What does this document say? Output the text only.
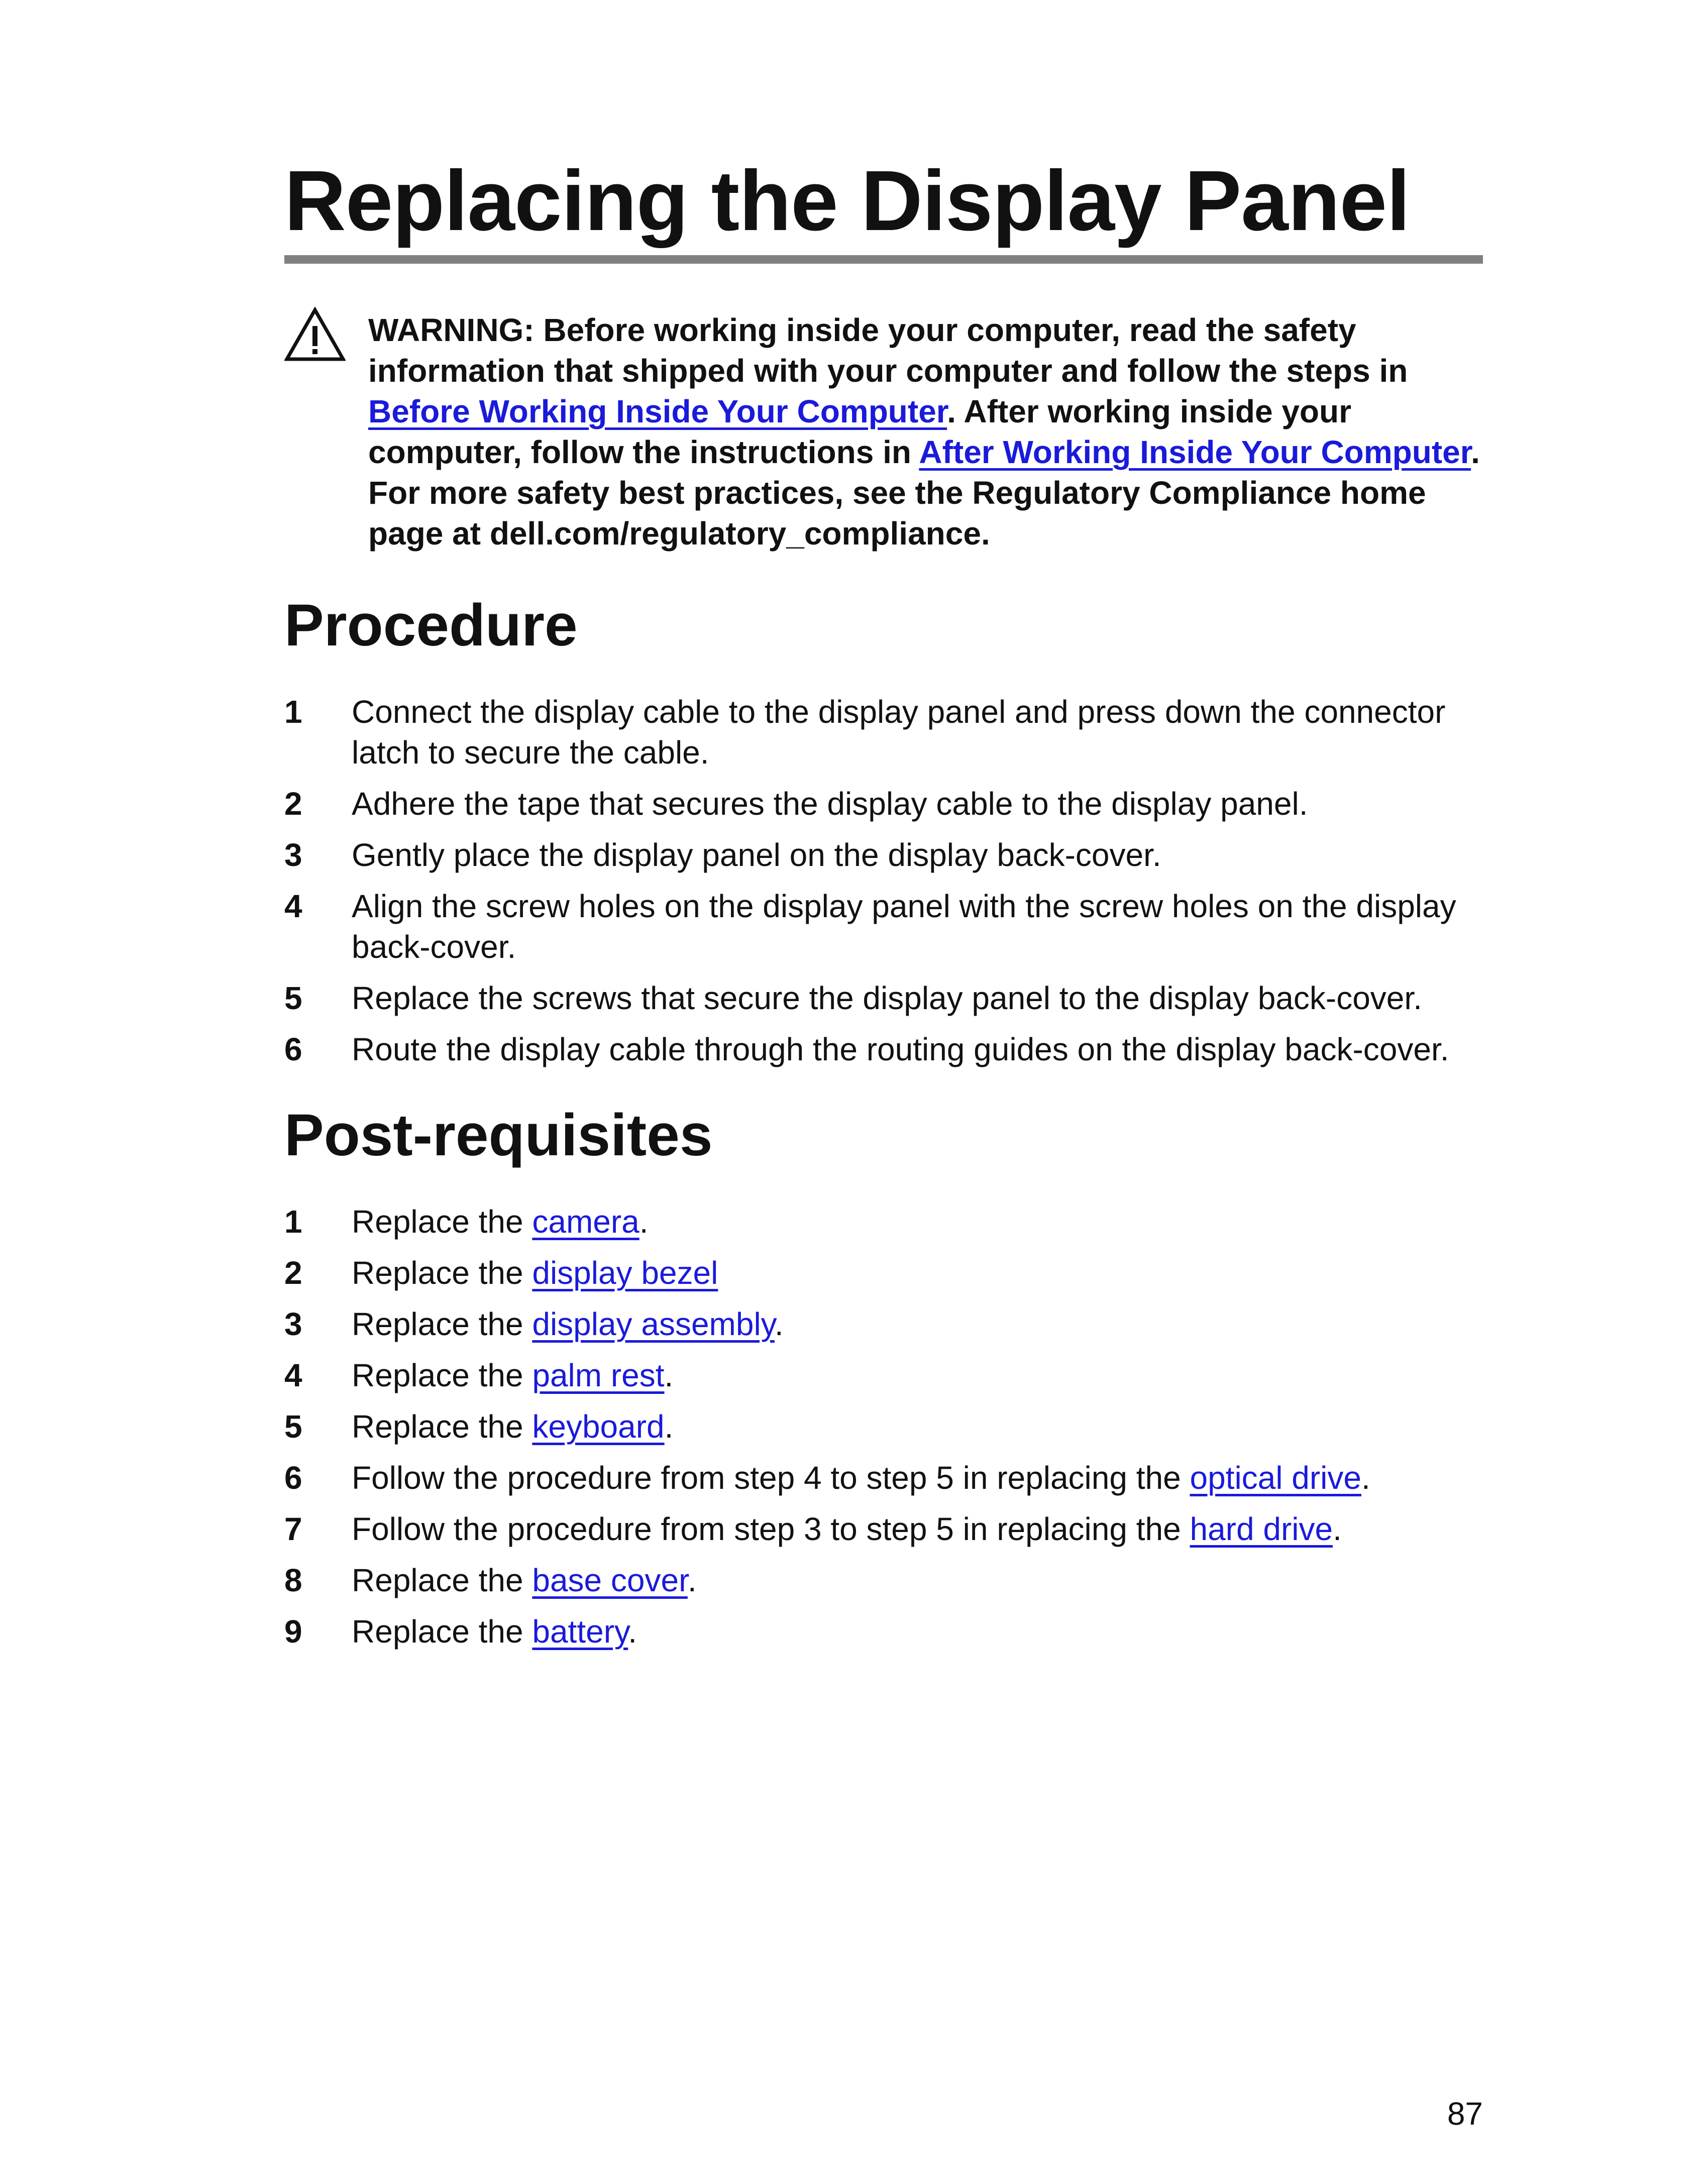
Replacing the Display Panel
WARNING: Before working inside your computer, read the safety information that shipped with your computer and follow the steps in Before Working Inside Your Computer. After working inside your computer, follow the instructions in After Working Inside Your Computer. For more safety best practices, see the Regulatory Compliance home page at dell.com/regulatory_compliance.
Procedure
1 Connect the display cable to the display panel and press down the connector latch to secure the cable.
2 Adhere the tape that secures the display cable to the display panel.
3 Gently place the display panel on the display back-cover.
4 Align the screw holes on the display panel with the screw holes on the display back-cover.
5 Replace the screws that secure the display panel to the display back-cover.
6 Route the display cable through the routing guides on the display back-cover.
Post-requisites
1 Replace the camera.
2 Replace the display bezel
3 Replace the display assembly.
4 Replace the palm rest.
5 Replace the keyboard.
6 Follow the procedure from step 4 to step 5 in replacing the optical drive.
7 Follow the procedure from step 3 to step 5 in replacing the hard drive.
8 Replace the base cover.
9 Replace the battery.
87
